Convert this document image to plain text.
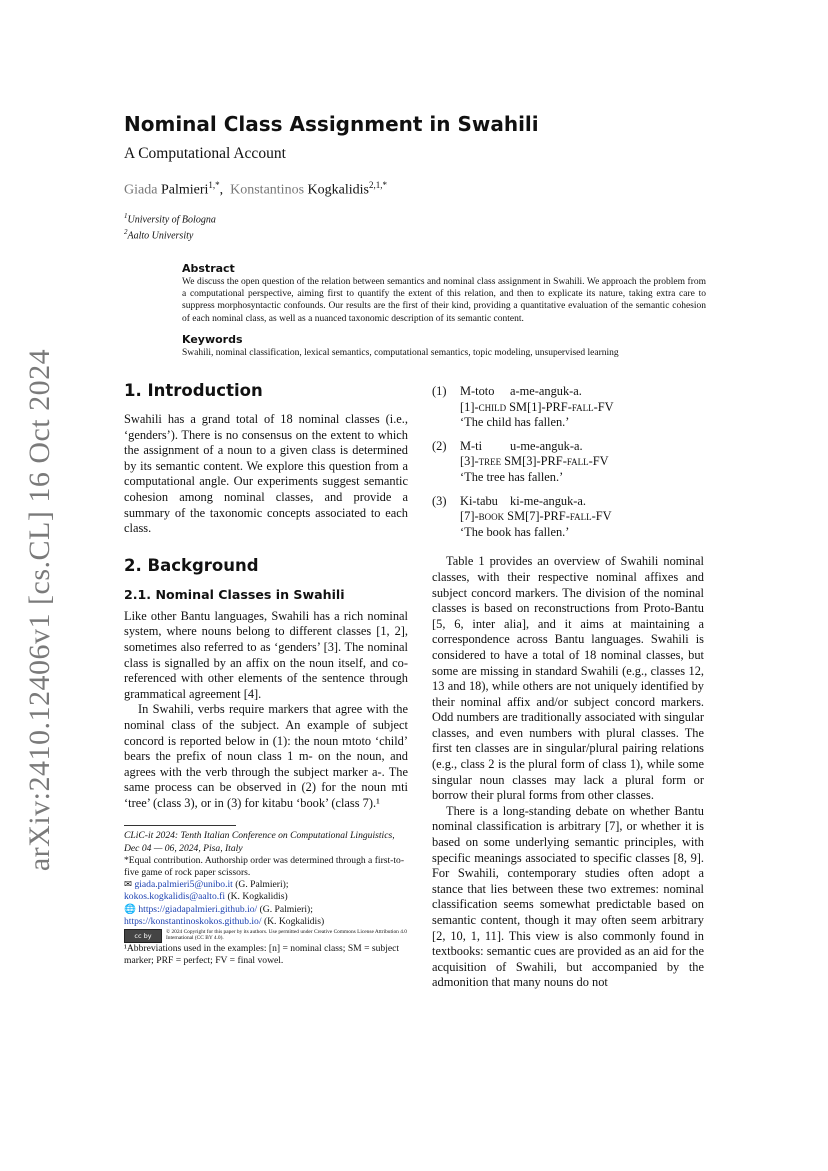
arXiv:2410.12406v1 [cs.CL] 16 Oct 2024
Nominal Class Assignment in Swahili
A Computational Account
Giada Palmieri$^{1,*}$,  Konstantinos Kogkalidis$^{2,1,*}$
$^1$University of Bologna
$^2$Aalto University
Abstract
We discuss the open question of the relation between semantics and nominal class assignment in Swahili. We approach the problem from a computational perspective, aiming first to quantify the extent of this relation, and then to explicate its nature, taking extra care to suppress morphosyntactic confounds. Our results are the first of their kind, providing a quantitative evaluation of the semantic cohesion of each nominal class, as well as a nuanced taxonomic description of its semantic content.
Keywords
Swahili, nominal classification, lexical semantics, computational semantics, topic modeling, unsupervised learning
1. Introduction

Swahili has a grand total of 18 nominal classes (i.e., ‘genders’). There is no consensus on the extent to which the assignment of a noun to a given class is determined by its semantic content. We explore this question from a computational angle. Our experiments suggest semantic cohesion among nominal classes, and provide a summary of the taxonomic concepts associated to each class.

2. Background
2.1. Nominal Classes in Swahili

Like other Bantu languages, Swahili has a rich nominal system, where nouns belong to different classes [1, 2], sometimes also referred to as ‘genders’ [3]. The nominal class is signalled by an affix on the noun itself, and co-referenced with other elements of the sentence through grammatical agreement [4].

In Swahili, verbs require markers that agree with the nominal class of the subject. An example of subject concord is reported below in (1): the noun mtoto ‘child’ bears the prefix of noun class 1 m- on the noun, and agrees with the verb through the subject marker a-. The same process can be observed in (2) for the noun mti ‘tree’ (class 3), or in (3) for kitabu ‘book’ (class 7).¹

CLiC-it 2024: Tenth Italian Conference on Computational Linguistics, Dec 04 — 06, 2024, Pisa, Italy
*Equal contribution. Authorship order was determined through a first-to-five game of rock paper scissors.
✉ giada.palmieri5@unibo.it (G. Palmieri);
kokos.kogkalidis@aalto.fi (K. Kogkalidis)
🌐 https://giadapalmieri.github.io/ (G. Palmieri);
https://konstantinoskokos.github.io/ (K. Kogkalidis)
cc by	© 2024 Copyright for this paper by its authors. Use permitted under Creative Commons License Attribution 4.0 International (CC BY 4.0).
¹Abbreviations used in the examples: [n] = nominal class; SM = subject marker; PRF = perfect; FV = final vowel.
(1)	M-toto a-me-anguk-a.
[1]-child SM[1]-PRF-fall-FV
‘The child has fallen.’
(2)	M-ti u-me-anguk-a.
[3]-tree SM[3]-PRF-fall-FV
‘The tree has fallen.’
(3)	Ki-tabu ki-me-anguk-a.
[7]-book SM[7]-PRF-fall-FV
‘The book has fallen.’

Table 1 provides an overview of Swahili nominal classes, with their respective nominal affixes and subject concord markers. The division of the nominal classes is based on reconstructions from Proto-Bantu [5, 6, inter alia], and it aims at maintaining a correspondence across Bantu languages. Swahili is considered to have a total of 18 nominal classes, but some are missing in standard Swahili (e.g., classes 12, 13 and 18), while others are not uniquely identified by their nominal affix and/or subject concord markers. Odd numbers are traditionally associated with singular classes, and even numbers with plural classes. The first ten classes are in singular/plural pairing relations (e.g., class 2 is the plural form of class 1), while some singular noun classes may lack a plural form or borrow their plural forms from other classes.

There is a long-standing debate on whether Bantu nominal classification is arbitrary [7], or whether it is based on some underlying semantic principles, with specific meanings associated to specific classes [8, 9]. For Swahili, contemporary studies often adopt a stance that lies between these two extremes: nominal classification seems somewhat predictable based on semantic content, though it may often seem arbitrary [2, 10, 1, 11]. This view is also commonly found in textbooks: semantic cues are provided as an aid for the acquisition of Swahili, but accompanied by the admonition that many nouns do not
